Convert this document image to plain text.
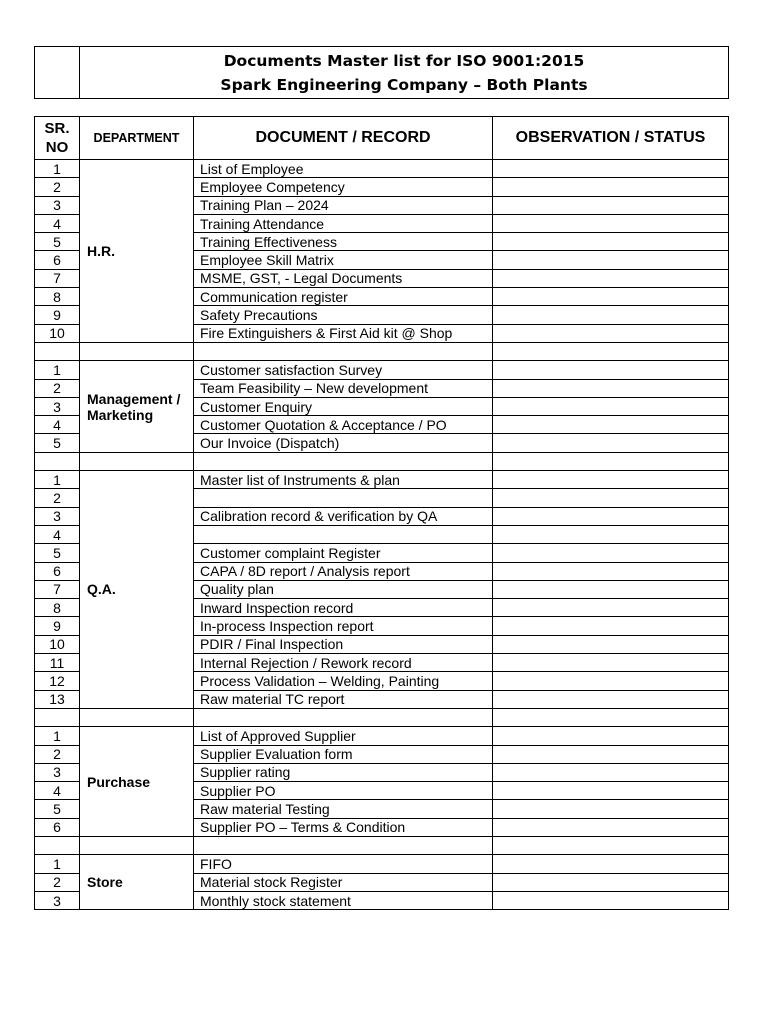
Documents Master list for ISO 9001:2015
Spark Engineering Company – Both Plants
SR.
NO	DEPARTMENT	DOCUMENT / RECORD	OBSERVATION / STATUS
1	H.R.	List of Employee	
2		Employee Competency	
3		Training Plan – 2024	
4		Training Attendance	
5		Training Effectiveness	
6		Employee Skill Matrix	
7		MSME, GST, - Legal Documents	
8		Communication register	
9		Safety Precautions	
10		Fire Extinguishers & First Aid kit @ Shop	

1	Management / Marketing	Customer satisfaction Survey	
2		Team Feasibility – New development	
3		Customer Enquiry	
4		Customer Quotation & Acceptance / PO	
5		Our Invoice (Dispatch)	

1	Q.A.	Master list of Instruments & plan	
2			
3		Calibration record & verification by QA	
4			
5		Customer complaint Register	
6		CAPA / 8D report / Analysis report	
7		Quality plan	
8		Inward Inspection record	
9		In-process Inspection report	
10		PDIR / Final Inspection	
11		Internal Rejection / Rework record	
12		Process Validation – Welding, Painting	
13		Raw material TC report	

1	Purchase	List of Approved Supplier	
2		Supplier Evaluation form	
3		Supplier rating	
4		Supplier PO	
5		Raw material Testing	
6		Supplier PO – Terms & Condition	

1	Store	FIFO	
2		Material stock Register	
3		Monthly stock statement	
